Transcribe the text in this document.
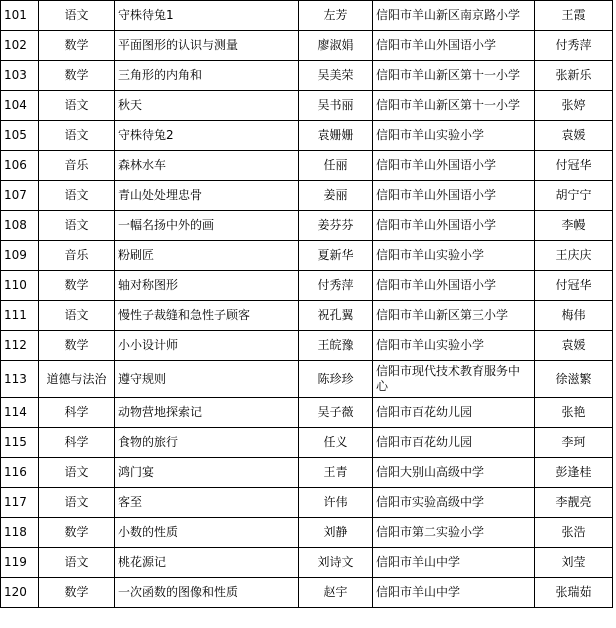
101	语文	守株待兔1	左芳	信阳市羊山新区南京路小学	王霞
102	数学	平面图形的认识与测量	廖淑娟	信阳市羊山外国语小学	付秀萍
103	数学	三角形的内角和	吴美荣	信阳市羊山新区第十一小学	张新乐
104	语文	秋天	吴书丽	信阳市羊山新区第十一小学	张婷
105	语文	守株待兔2	袁姗姗	信阳市羊山实验小学	袁媛
106	音乐	森林水车	任丽	信阳市羊山外国语小学	付冠华
107	语文	青山处处埋忠骨	姜丽	信阳市羊山外国语小学	胡宁宁
108	语文	一幅名扬中外的画	姜芬芬	信阳市羊山外国语小学	李幔
109	音乐	粉刷匠	夏新华	信阳市羊山实验小学	王庆庆
110	数学	轴对称图形	付秀萍	信阳市羊山外国语小学	付冠华
111	语文	慢性子裁缝和急性子顾客	祝孔翼	信阳市羊山新区第三小学	梅伟
112	数学	小小设计师	王皖豫	信阳市羊山实验小学	袁媛
113	道德与法治	遵守规则	陈珍珍	信阳市现代技术教育服务中心	徐滋繁
114	科学	动物营地探索记	吴子薇	信阳市百花幼儿园	张艳
115	科学	食物的旅行	任义	信阳市百花幼儿园	李珂
116	语文	鸿门宴	王青	信阳大别山高级中学	彭逢桂
117	语文	客至	许伟	信阳市实验高级中学	李靓亮
118	数学	小数的性质	刘静	信阳市第二实验小学	张浩
119	语文	桃花源记	刘诗文	信阳市羊山中学	刘莹
120	数学	一次函数的图像和性质	赵宇	信阳市羊山中学	张瑞茹
